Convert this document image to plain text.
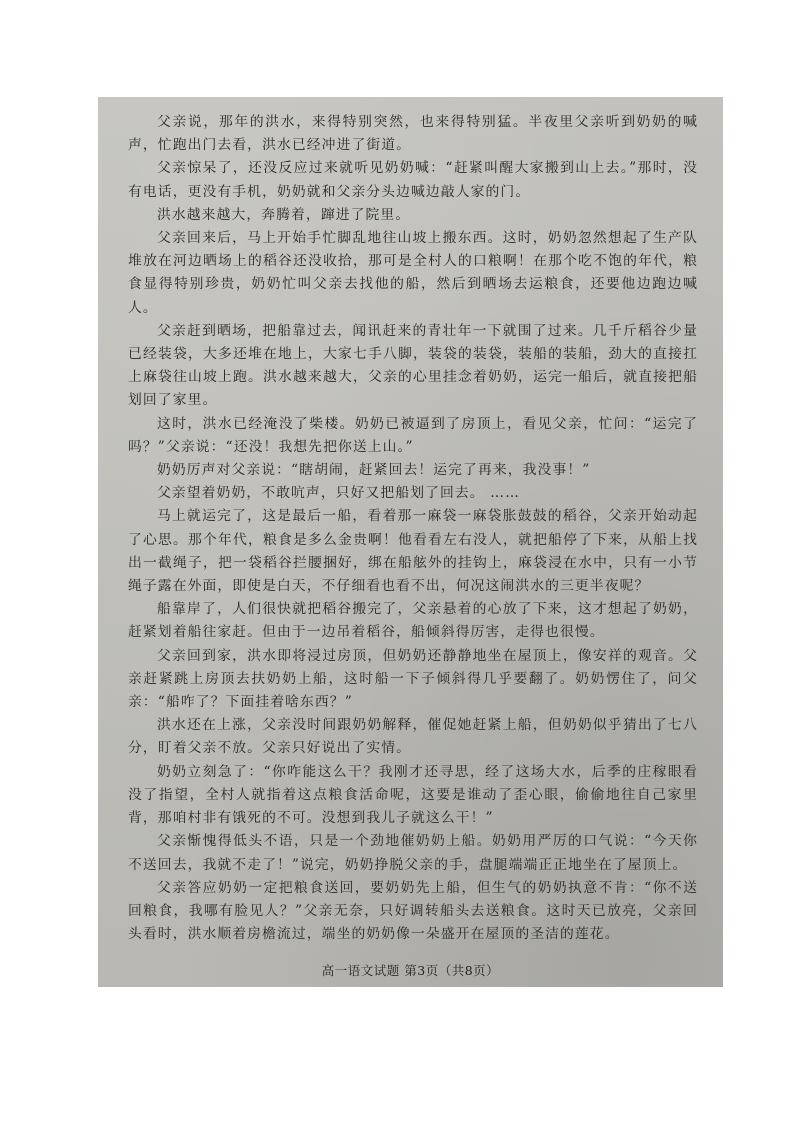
父亲说，那年的洪水，来得特别突然，也来得特别猛。半夜里父亲听到奶奶的喊声，忙跑出门去看，洪水已经冲进了街道。

父亲惊呆了，还没反应过来就听见奶奶喊：“赶紧叫醒大家搬到山上去。”那时，没有电话，更没有手机，奶奶就和父亲分头边喊边敲人家的门。

洪水越来越大，奔腾着，蹿进了院里。

父亲回来后，马上开始手忙脚乱地往山坡上搬东西。这时，奶奶忽然想起了生产队堆放在河边晒场上的稻谷还没收拾，那可是全村人的口粮啊！在那个吃不饱的年代，粮食显得特别珍贵，奶奶忙叫父亲去找他的船，然后到晒场去运粮食，还要他边跑边喊人。

父亲赶到晒场，把船靠过去，闻讯赶来的青壮年一下就围了过来。几千斤稻谷少量已经装袋，大多还堆在地上，大家七手八脚，装袋的装袋，装船的装船，劲大的直接扛上麻袋往山坡上跑。洪水越来越大，父亲的心里挂念着奶奶，运完一船后，就直接把船划回了家里。

这时，洪水已经淹没了柴楼。奶奶已被逼到了房顶上，看见父亲，忙问：“运完了吗？”父亲说：“还没！我想先把你送上山。”

奶奶厉声对父亲说：“瞎胡闹，赶紧回去！运完了再来，我没事！”

父亲望着奶奶，不敢吭声，只好又把船划了回去。 ……

马上就运完了，这是最后一船，看着那一麻袋一麻袋胀鼓鼓的稻谷，父亲开始动起了心思。那个年代，粮食是多么金贵啊！他看看左右没人，就把船停了下来，从船上找出一截绳子，把一袋稻谷拦腰捆好，绑在船舷外的挂钩上，麻袋浸在水中，只有一小节绳子露在外面，即使是白天，不仔细看也看不出，何况这闹洪水的三更半夜呢？

船靠岸了，人们很快就把稻谷搬完了，父亲悬着的心放了下来，这才想起了奶奶，赶紧划着船往家赶。但由于一边吊着稻谷，船倾斜得厉害，走得也很慢。

父亲回到家，洪水即将浸过房顶，但奶奶还静静地坐在屋顶上，像安祥的观音。父亲赶紧跳上房顶去扶奶奶上船，这时船一下子倾斜得几乎要翻了。奶奶愣住了，问父亲：“船咋了？下面挂着啥东西？”

洪水还在上涨，父亲没时间跟奶奶解释，催促她赶紧上船，但奶奶似乎猜出了七八分，盯着父亲不放。父亲只好说出了实情。

奶奶立刻急了：“你咋能这么干？我刚才还寻思，经了这场大水，后季的庄稼眼看没了指望，全村人就指着这点粮食活命呢，这要是谁动了歪心眼，偷偷地往自己家里背，那咱村非有饿死的不可。没想到我儿子就这么干！”

父亲惭愧得低头不语，只是一个劲地催奶奶上船。奶奶用严厉的口气说：“今天你不送回去，我就不走了！”说完，奶奶挣脱父亲的手，盘腿端端正正地坐在了屋顶上。

父亲答应奶奶一定把粮食送回，要奶奶先上船，但生气的奶奶执意不肯：“你不送回粮食，我哪有脸见人？”父亲无奈，只好调转船头去送粮食。这时天已放亮，父亲回头看时，洪水顺着房檐流过，端坐的奶奶像一朵盛开在屋顶的圣洁的莲花。

高一语文试题 第3页（共8页）
